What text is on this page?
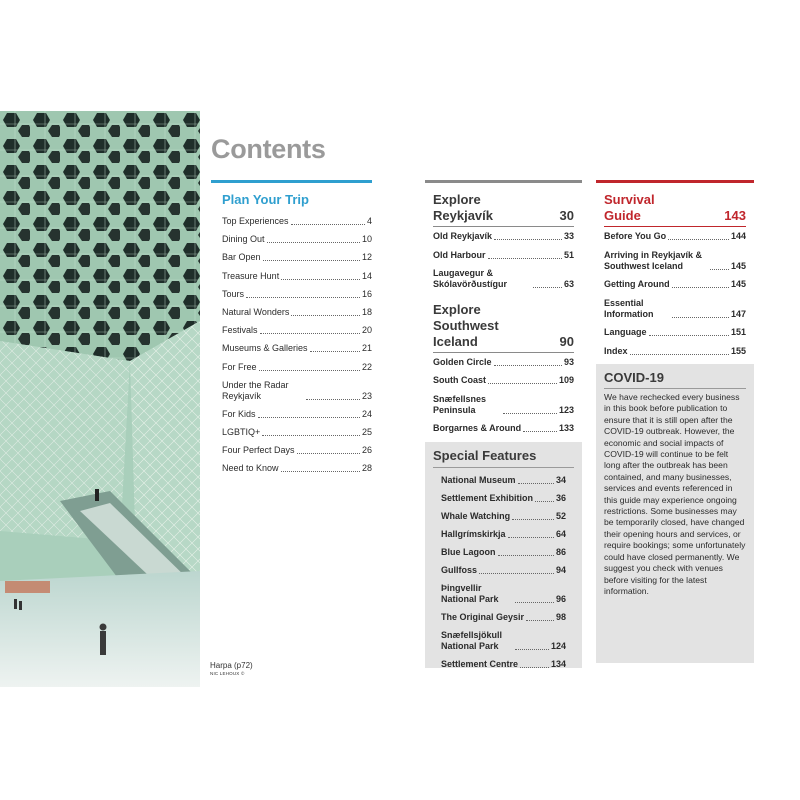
Harpa (p72)
NIC LEHOUX ©
Contents
Plan Your Trip
Top Experiences	4
Dining Out	10
Bar Open	12
Treasure Hunt	14
Tours	16
Natural Wonders	18
Festivals	20
Museums & Galleries	21
For Free	22
Under the Radar Reykjavík	23
For Kids	24
LGBTIQ+	25
Four Perfect Days	26
Need to Know	28
Explore
Reykjavík	30
Old Reykjavík	33
Old Harbour	51
Laugavegur & Skólavörðustígur	63
Explore
Southwest
Iceland	90
Golden Circle	93
South Coast	109
Snæfellsnes Peninsula	123
Borgarnes & Around	133
Special Features
National Museum	34
Settlement Exhibition	36
Whale Watching	52
Hallgrímskirkja	64
Blue Lagoon	86
Gullfoss	94
Þingvellir National Park	96
The Original Geysir	98
Snæfellsjökull National Park	124
Settlement Centre	134
Survival
Guide	143
Before You Go	144
Arriving in Reykjavík & Southwest Iceland	145
Getting Around	145
Essential Information	147
Language	151
Index	155
COVID-19

We have rechecked every business in this book before publication to ensure that it is still open after the COVID-19 outbreak. However, the economic and social impacts of COVID-19 will continue to be felt long after the outbreak has been contained, and many businesses, services and events referenced in this guide may experience ongoing restrictions. Some businesses may be temporarily closed, have changed their opening hours and services, or require bookings; some unfortunately could have closed permanently. We suggest you check with venues before visiting for the latest information.
